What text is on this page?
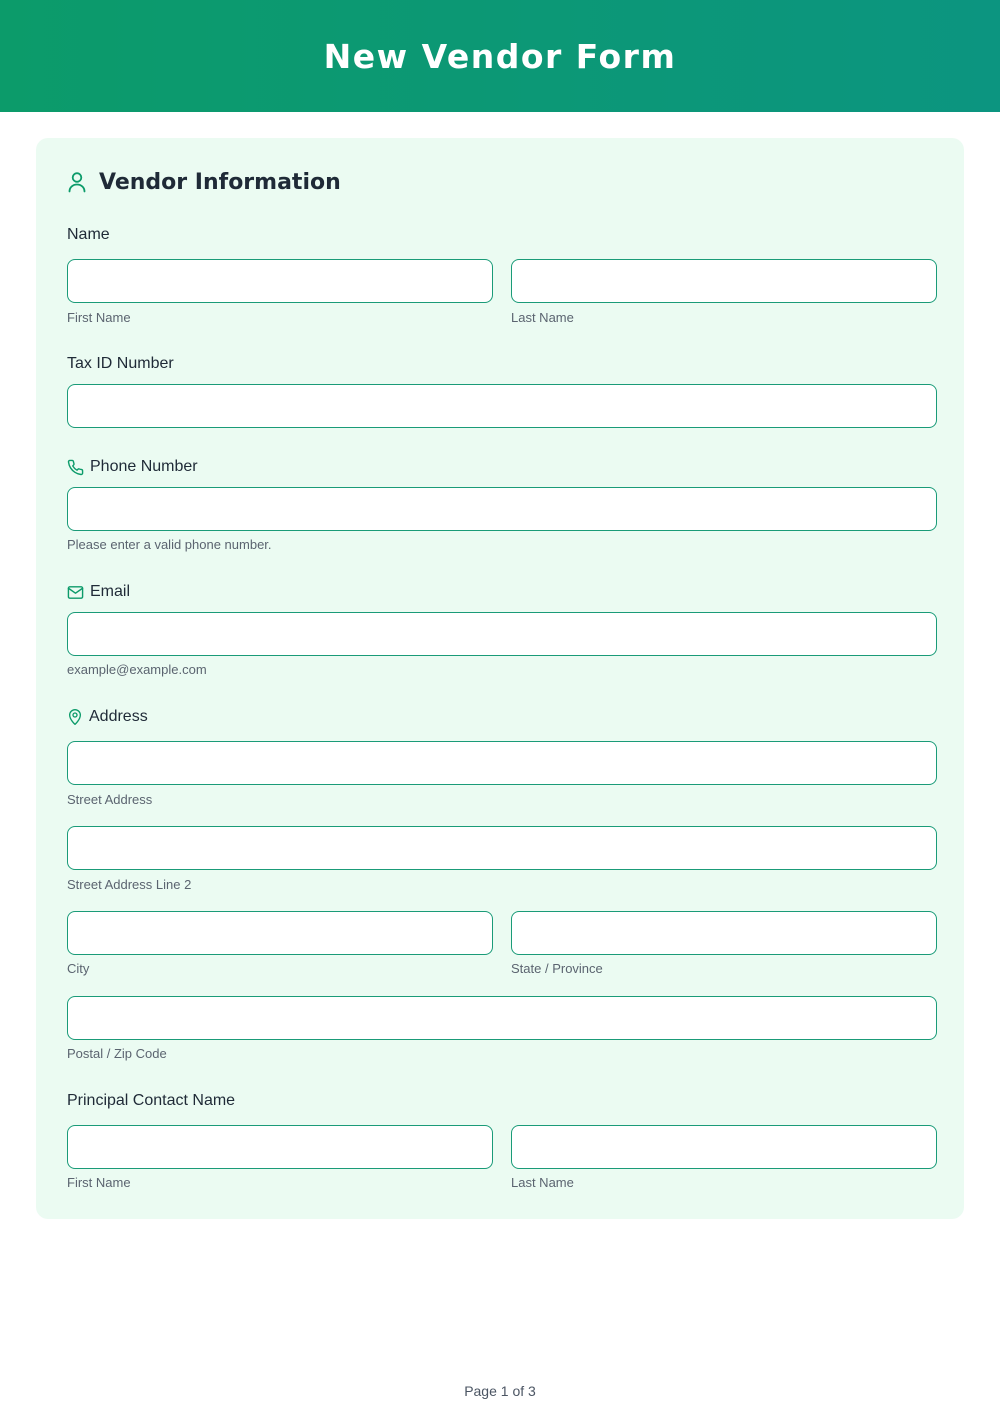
New Vendor Form
Vendor Information
Name
First Name	Last Name
Tax ID Number
Phone Number
Please enter a valid phone number.
Email
example@example.com
Address
Street Address
Street Address Line 2
City	State / Province
Postal / Zip Code
Principal Contact Name
First Name	Last Name
Page 1 of 3
